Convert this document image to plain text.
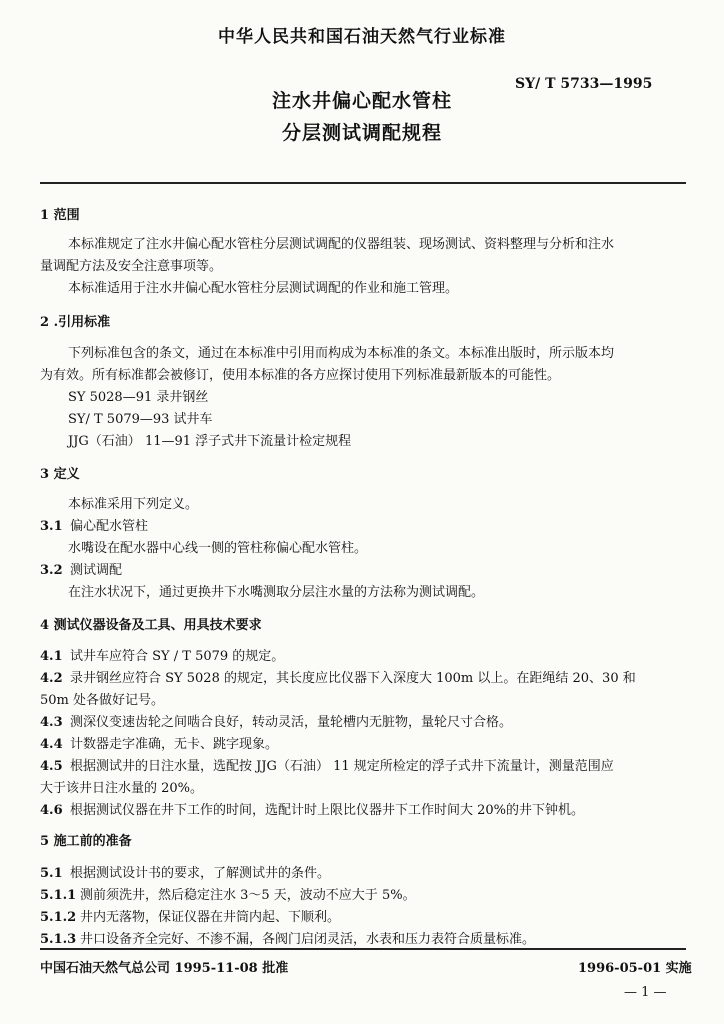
中华人民共和国石油天然气行业标准
SY/ T 5733—1995
注水井偏心配水管柱
分层测试调配规程
1 范围
本标准规定了注水井偏心配水管柱分层测试调配的仪器组装、现场测试、资料整理与分析和注水
量调配方法及安全注意事项等。
本标准适用于注水井偏心配水管柱分层测试调配的作业和施工管理。
2 .引用标准
下列标准包含的条文，通过在本标准中引用而构成为本标准的条文。本标准出版时，所示版本均
为有效。所有标准都会被修订，使用本标准的各方应探讨使用下列标准最新版本的可能性。
SY 5028—91 录井钢丝
SY/ T 5079—93 试井车
JJG（石油） 11—91 浮子式井下流量计检定规程
3 定义
本标准采用下列定义。
3.1 偏心配水管柱
水嘴设在配水器中心线一侧的管柱称偏心配水管柱。
3.2 测试调配
在注水状况下，通过更换井下水嘴测取分层注水量的方法称为测试调配。
4 测试仪器设备及工具、用具技术要求
4.1 试井车应符合 SY / T 5079 的规定。
4.2 录井钢丝应符合 SY 5028 的规定，其长度应比仪器下入深度大 100m 以上。在距绳结 20、30 和
50m 处各做好记号。
4.3 测深仪变速齿轮之间啮合良好，转动灵活，量轮槽内无脏物，量轮尺寸合格。
4.4 计数器走字准确，无卡、跳字现象。
4.5 根据测试井的日注水量，选配按 JJG（石油） 11 规定所检定的浮子式井下流量计，测量范围应
大于该井日注水量的 20%。
4.6 根据测试仪器在井下工作的时间，选配计时上限比仪器井下工作时间大 20%的井下钟机。
5 施工前的准备
5.1 根据测试设计书的要求，了解测试井的条件。
5.1.1 测前须洗井，然后稳定注水 3～5 天，波动不应大于 5%。
5.1.2 井内无落物，保证仪器在井筒内起、下顺利。
5.1.3 井口设备齐全完好、不渗不漏，各阀门启闭灵活，水表和压力表符合质量标准。
中国石油天然气总公司 1995-11-08 批准	1996-05-01 实施
— 1 —
